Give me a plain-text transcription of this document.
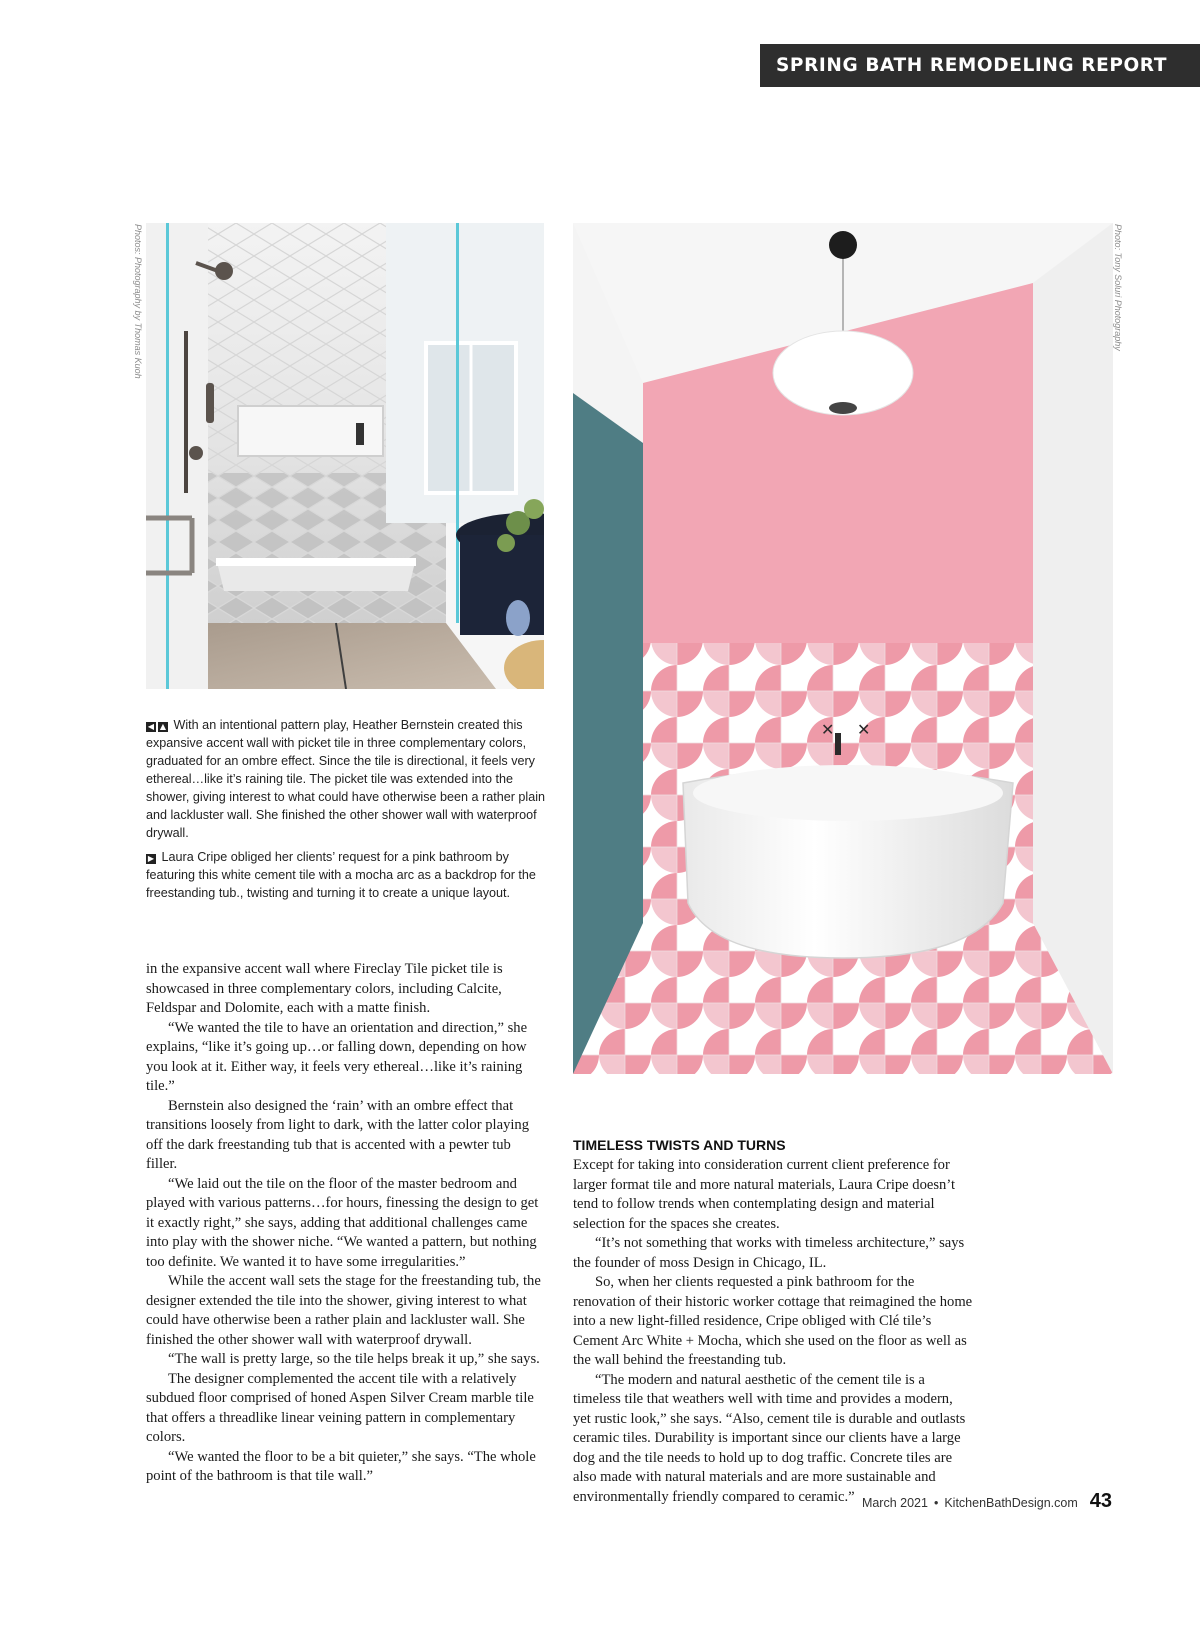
SPRING BATH REMODELING REPORT
Photos: Photography by Thomas Kuoh	Photo: Tony Soluri Photography
✕ ✕
◀ ▲ With an intentional pattern play, Heather Bernstein created this expansive accent wall with picket tile in three complementary colors, graduated for an ombre effect. Since the tile is directional, it feels very ethereal…like it’s raining tile. The picket tile was extended into the shower, giving interest to what could have otherwise been a rather plain and lackluster wall. She finished the other shower wall with waterproof drywall.
▶ Laura Cripe obliged her clients’ request for a pink bathroom by featuring this white cement tile with a mocha arc as a backdrop for the freestanding tub., twisting and turning it to create a unique layout.

in the expansive accent wall where Fireclay Tile picket tile is showcased in three complementary colors, including Calcite, Feldspar and Dolomite, each with a matte finish.

“We wanted the tile to have an orientation and direction,” she explains, “like it’s going up…or falling down, depending on how you look at it. Either way, it feels very ethereal…like it’s raining tile.”

Bernstein also designed the ‘rain’ with an ombre effect that transitions loosely from light to dark, with the latter color playing off the dark freestanding tub that is accented with a pewter tub filler.

“We laid out the tile on the floor of the master bedroom and played with various patterns…for hours, finessing the design to get it exactly right,” she says, adding that additional challenges came into play with the shower niche. “We wanted a pattern, but nothing too definite. We wanted it to have some irregularities.”

While the accent wall sets the stage for the freestanding tub, the designer extended the tile into the shower, giving interest to what could have otherwise been a rather plain and lackluster wall. She finished the other shower wall with waterproof drywall.

“The wall is pretty large, so the tile helps break it up,” she says.

The designer complemented the accent tile with a relatively subdued floor comprised of honed Aspen Silver Cream marble tile that offers a threadlike linear veining pattern in complementary colors.

“We wanted the floor to be a bit quieter,” she says. “The whole point of the bathroom is that tile wall.”

TIMELESS TWISTS AND TURNS

Except for taking into consideration current client preference for larger format tile and more natural materials, Laura Cripe doesn’t tend to follow trends when contemplating design and material selection for the spaces she creates.

“It’s not something that works with timeless architecture,” says the founder of moss Design in Chicago, IL.

So, when her clients requested a pink bathroom for the renovation of their historic worker cottage that reimagined the home into a new light-filled residence, Cripe obliged with Clé tile’s Cement Arc White + Mocha, which she used on the floor as well as the wall behind the freestanding tub.

“The modern and natural aesthetic of the cement tile is a timeless tile that weathers well with time and provides a modern, yet rustic look,” she says. “Also, cement tile is durable and outlasts ceramic tiles. Durability is important since our clients have a large dog and the tile needs to hold up to dog traffic. Concrete tiles are also made with natural materials and are more sustainable and environmentally friendly compared to ceramic.” March 2021 • KitchenBathDesign.com 43
